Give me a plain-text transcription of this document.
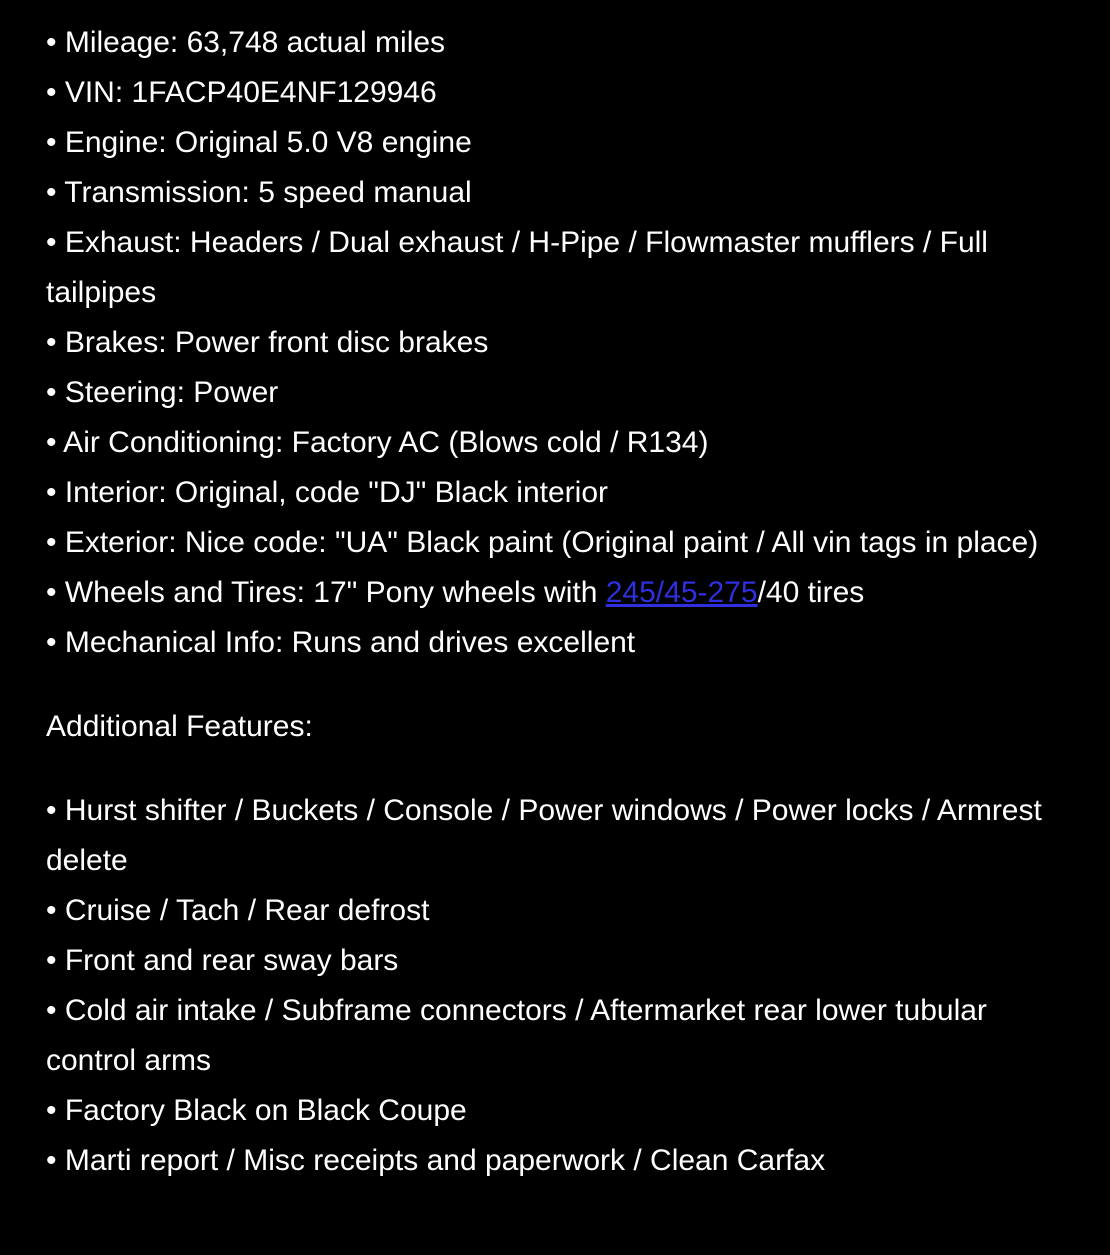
• Mileage: 63,748 actual miles

• VIN: 1FACP40E4NF129946

• Engine: Original 5.0 V8 engine

• Transmission: 5 speed manual

• Exhaust: Headers / Dual exhaust / H-Pipe / Flowmaster mufflers / Full tailpipes

• Brakes: Power front disc brakes

• Steering: Power

• Air Conditioning: Factory AC (Blows cold / R134)

• Interior: Original, code "DJ" Black interior

• Exterior: Nice code: "UA" Black paint (Original paint / All vin tags in place)

• Wheels and Tires: 17" Pony wheels with 245/45-275/40 tires

• Mechanical Info: Runs and drives excellent

Additional Features:

• Hurst shifter / Buckets / Console / Power windows / Power locks / Armrest delete

• Cruise / Tach / Rear defrost

• Front and rear sway bars

• Cold air intake / Subframe connectors / Aftermarket rear lower tubular control arms

• Factory Black on Black Coupe

• Marti report / Misc receipts and paperwork / Clean Carfax
